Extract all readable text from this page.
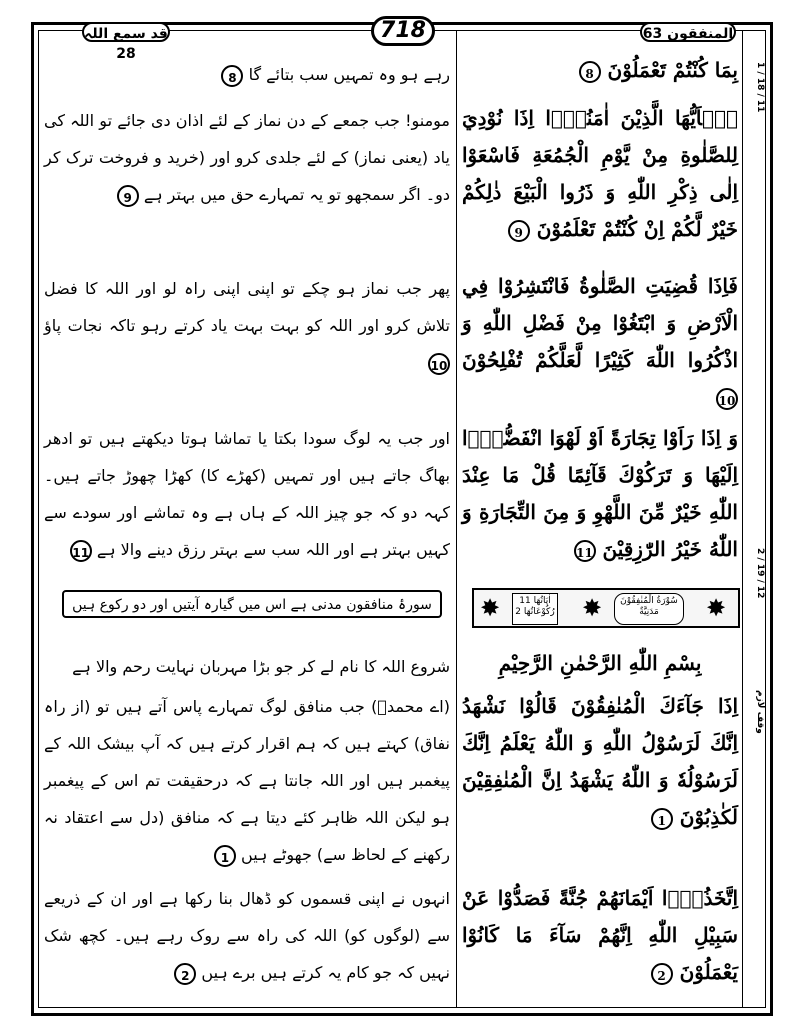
قد سمع اللہ 28
718	المنفقون 63
1 / 18 / 11
2 / 19 / 12
وقف لازم
بِمَا كُنْتُمْ تَعْمَلُوْنَ 8
يٰۤاَيُّهَا الَّذِيْنَ اٰمَنُوْۤا اِذَا نُوْدِيَ لِلصَّلٰوةِ مِنْ يَّوْمِ الْجُمُعَةِ فَاسْعَوْا اِلٰى ذِكْرِ اللّٰهِ وَ ذَرُوا الْبَيْعَ ذٰلِكُمْ خَيْرٌ لَّكُمْ اِنْ كُنْتُمْ تَعْلَمُوْنَ 9
فَاِذَا قُضِيَتِ الصَّلٰوةُ فَانْتَشِرُوْا فِي الْاَرْضِ وَ ابْتَغُوْا مِنْ فَضْلِ اللّٰهِ وَ اذْكُرُوا اللّٰهَ كَثِيْرًا لَّعَلَّكُمْ تُفْلِحُوْنَ 10
وَ اِذَا رَاَوْا تِجَارَةً اَوْ لَهْوَا انْفَضُّوْۤا اِلَيْهَا وَ تَرَكُوْكَ قَآئِمًا قُلْ مَا عِنْدَ اللّٰهِ خَيْرٌ مِّنَ اللَّهْوِ وَ مِنَ التِّجَارَةِ وَ اللّٰهُ خَيْرُ الرّٰزِقِيْنَ 11
✸	اٰيَاتُهَا 11
رُكُوْعَاتُهَا 2 ✸	سُوْرَةُ الْمُنٰفِقُوْنَ مَدَنِيَّةٌ	✸
بِسْمِ اللّٰهِ الرَّحْمٰنِ الرَّحِيْمِ
اِذَا جَآءَكَ الْمُنٰفِقُوْنَ قَالُوْا نَشْهَدُ اِنَّكَ لَرَسُوْلُ اللّٰهِ وَ اللّٰهُ يَعْلَمُ اِنَّكَ لَرَسُوْلُهٗ وَ اللّٰهُ يَشْهَدُ اِنَّ الْمُنٰفِقِيْنَ لَكٰذِبُوْنَ 1
اِتَّخَذُوْۤا اَيْمَانَهُمْ جُنَّةً فَصَدُّوْا عَنْ سَبِيْلِ اللّٰهِ اِنَّهُمْ سَآءَ مَا كَانُوْا يَعْمَلُوْنَ 2
رہے ہو وہ تمہیں سب بتائے گا 8
مومنو! جب جمعے کے دن نماز کے لئے اذان دی جائے تو اللہ کی یاد (یعنی نماز) کے لئے جلدی کرو اور (خرید و فروخت ترک کر دو۔ اگر سمجھو تو یہ تمہارے حق میں بہتر ہے 9
پھر جب نماز ہو چکے تو اپنی اپنی راہ لو اور اللہ کا فضل تلاش کرو اور اللہ کو بہت بہت یاد کرتے رہو تاکہ نجات پاؤ 10
اور جب یہ لوگ سودا بکتا یا تماشا ہوتا دیکھتے ہیں تو ادھر بھاگ جاتے ہیں اور تمہیں (کھڑے کا) کھڑا چھوڑ جاتے ہیں۔ کہہ دو کہ جو چیز اللہ کے ہاں ہے وہ تماشے اور سودے سے کہیں بہتر ہے اور اللہ سب سے بہتر رزق دینے والا ہے 11
سورۂ منافقون مدنی ہے اس میں گیارہ آیتیں اور دو رکوع ہیں
شروع اللہ کا نام لے کر جو بڑا مہربان نہایت رحم والا ہے
(اے محمدؐ) جب منافق لوگ تمہارے پاس آتے ہیں تو (از راہ نفاق) کہتے ہیں کہ ہم اقرار کرتے ہیں کہ آپ بیشک اللہ کے پیغمبر ہیں اور اللہ جانتا ہے کہ درحقیقت تم اس کے پیغمبر ہو لیکن اللہ ظاہر کئے دیتا ہے کہ منافق (دل سے اعتقاد نہ رکھنے کے لحاظ سے) جھوٹے ہیں 1
انہوں نے اپنی قسموں کو ڈھال بنا رکھا ہے اور ان کے ذریعے سے (لوگوں کو) اللہ کی راہ سے روک رہے ہیں۔ کچھ شک نہیں کہ جو کام یہ کرتے ہیں برے ہیں 2
